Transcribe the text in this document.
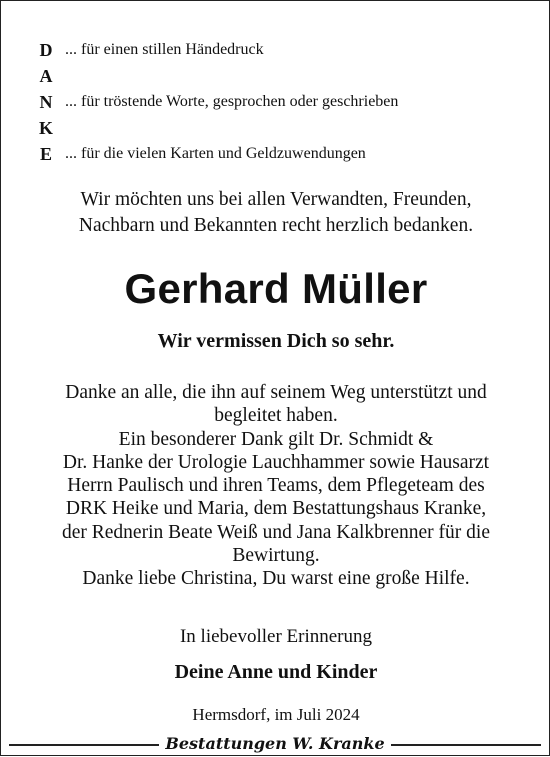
D ... für einen stillen Händedruck
A
N ... für tröstende Worte, gesprochen oder geschrieben
K
E ... für die vielen Karten und Geldzuwendungen
Wir möchten uns bei allen Verwandten, Freunden,
Nachbarn und Bekannten recht herzlich bedanken.
Gerhard Müller
Wir vermissen Dich so sehr.
Danke an alle, die ihn auf seinem Weg unterstützt und
begleitet haben.
Ein besonderer Dank gilt Dr. Schmidt &
Dr. Hanke der Urologie Lauchhammer sowie Hausarzt
Herrn Paulisch und ihren Teams, dem Pflegeteam des
DRK Heike und Maria, dem Bestattungshaus Kranke,
der Rednerin Beate Weiß und Jana Kalkbrenner für die
Bewirtung.
Danke liebe Christina, Du warst eine große Hilfe.
In liebevoller Erinnerung
Deine Anne und Kinder
Hermsdorf, im Juli 2024
Bestattungen W. Kranke
